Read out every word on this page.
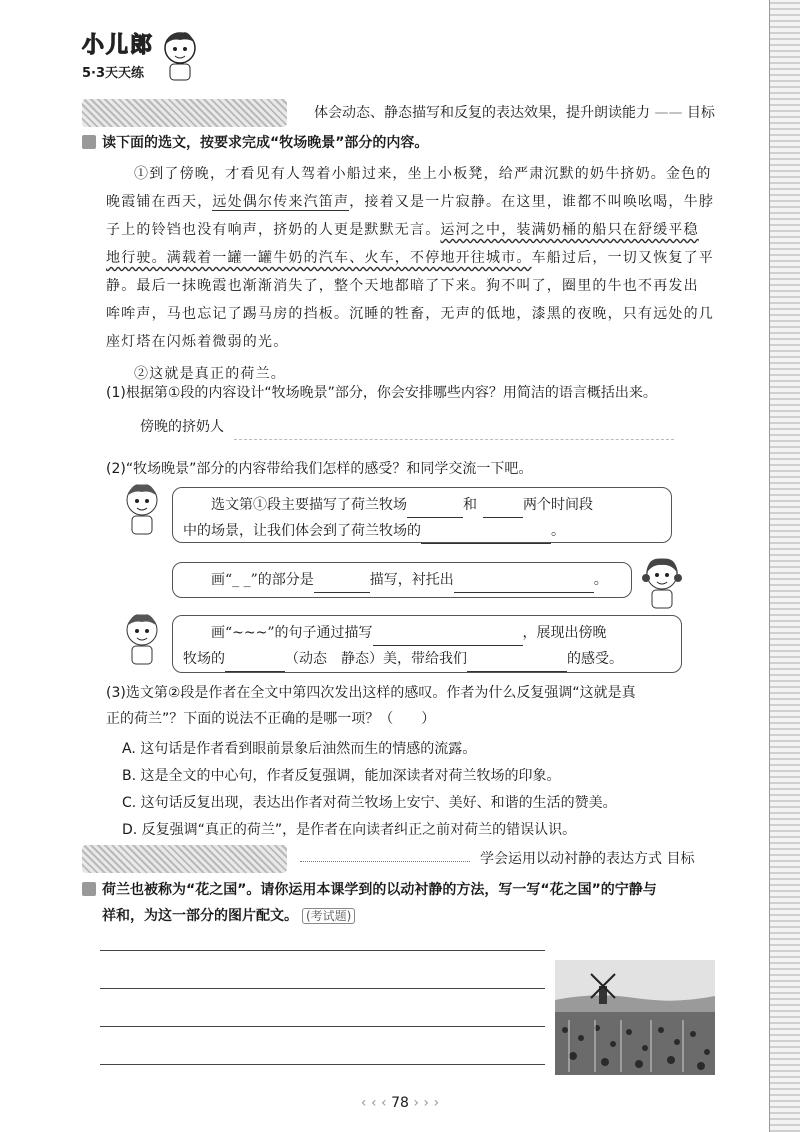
小儿郎
5·3天天练
体会动态、静态描写和反复的表达效果，提升朗读能力 —— 目标
读下面的选文，按要求完成“牧场晚景”部分的内容。
①到了傍晚，才看见有人驾着小船过来，坐上小板凳，给严肃沉默的奶牛挤奶。金色的
晚霞铺在西天，远处偶尔传来汽笛声，接着又是一片寂静。在这里，谁都不叫唤吆喝，牛脖
子上的铃铛也没有响声，挤奶的人更是默默无言。运河之中，装满奶桶的船只在舒缓平稳
地行驶。满载着一罐一罐牛奶的汽车、火车，不停地开往城市。车船过后，一切又恢复了平
静。最后一抹晚霞也渐渐消失了，整个天地都暗了下来。狗不叫了，圈里的牛也不再发出
哞哞声，马也忘记了踢马房的挡板。沉睡的牲畜，无声的低地，漆黑的夜晚，只有远处的几
座灯塔在闪烁着微弱的光。
②这就是真正的荷兰。
(1)根据第①段的内容设计“牧场晚景”部分，你会安排哪些内容？用简洁的语言概括出来。
傍晚的挤奶人
(2)“牧场晚景”部分的内容带给我们怎样的感受？和同学交流一下吧。
选文第①段主要描写了荷兰牧场	和	两个时间段
中的场景，让我们体会到了荷兰牧场的	。
画“_ _”的部分是	描写，衬托出	。
画“~~~”的句子通过描写	，展现出傍晚
牧场的	（动态　静态）美，带给我们	的感受。
(3)选文第②段是作者在全文中第四次发出这样的感叹。作者为什么反复强调“这就是真
正的荷兰”？下面的说法不正确的是哪一项？（　　）
A. 这句话是作者看到眼前景象后油然而生的情感的流露。
B. 这是全文的中心句，作者反复强调，能加深读者对荷兰牧场的印象。
C. 这句话反复出现，表达出作者对荷兰牧场上安宁、美好、和谐的生活的赞美。
D. 反复强调“真正的荷兰”，是作者在向读者纠正之前对荷兰的错误认识。
学会运用以动衬静的表达方式 目标
荷兰也被称为“花之国”。请你运用本课学到的以动衬静的方法，写一写“花之国”的宁静与
祥和，为这一部分的图片配文。 (考试题)
‹ ‹ ‹ 78 › › ›
